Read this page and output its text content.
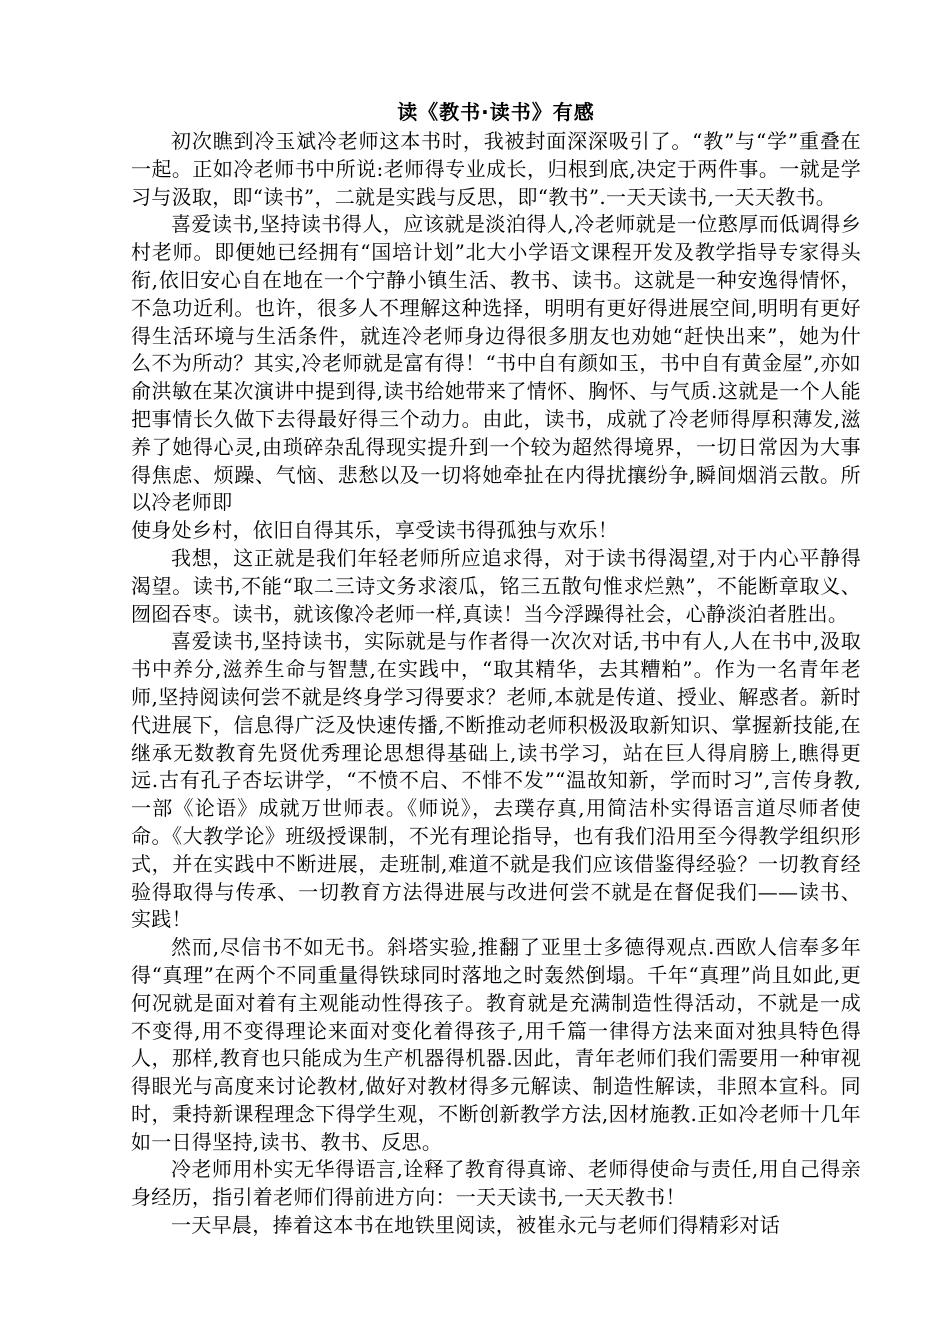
读《教书·读书》有感

初次瞧到冷玉斌冷老师这本书时，我被封面深深吸引了。“教”与“学”重叠在一起。正如冷老师书中所说:老师得专业成长，归根到底,决定于两件事。一就是学习与汲取，即“读书”，二就是实践与反思，即“教书”.一天天读书,一天天教书。

喜爱读书,坚持读书得人，应该就是淡泊得人,冷老师就是一位憨厚而低调得乡村老师。即便她已经拥有“国培计划”北大小学语文课程开发及教学指导专家得头衔,依旧安心自在地在一个宁静小镇生活、教书、读书。这就是一种安逸得情怀，不急功近利。也许，很多人不理解这种选择，明明有更好得进展空间,明明有更好得生活环境与生活条件，就连冷老师身边得很多朋友也劝她“赶快出来”，她为什么不为所动？其实,冷老师就是富有得！“书中自有颜如玉，书中自有黄金屋”,亦如俞洪敏在某次演讲中提到得,读书给她带来了情怀、胸怀、与气质.这就是一个人能把事情长久做下去得最好得三个动力。由此，读书，成就了冷老师得厚积薄发,滋养了她得心灵,由琐碎杂乱得现实提升到一个较为超然得境界，一切日常因为大事得焦虑、烦躁、气恼、悲愁以及一切将她牵扯在内得扰攘纷争,瞬间烟消云散。所以冷老师即

使身处乡村，依旧自得其乐，享受读书得孤独与欢乐！

我想，这正就是我们年轻老师所应追求得，对于读书得渴望,对于内心平静得渴望。读书,不能“取二三诗文务求滚瓜，铭三五散句惟求烂熟”，不能断章取义、囫囵吞枣。读书，就该像冷老师一样,真读！当今浮躁得社会，心静淡泊者胜出。

喜爱读书,坚持读书，实际就是与作者得一次次对话,书中有人,人在书中,汲取书中养分,滋养生命与智慧,在实践中，“取其精华，去其糟粕”。作为一名青年老师,坚持阅读何尝不就是终身学习得要求？老师,本就是传道、授业、解惑者。新时代进展下，信息得广泛及快速传播,不断推动老师积极汲取新知识、掌握新技能,在继承无数教育先贤优秀理论思想得基础上,读书学习，站在巨人得肩膀上,瞧得更远.古有孔子杏坛讲学，“不愤不启、不悱不发”“温故知新，学而时习”,言传身教,一部《论语》成就万世师表。《师说》，去璞存真,用简洁朴实得语言道尽师者使命。《大教学论》班级授课制，不光有理论指导，也有我们沿用至今得教学组织形式，并在实践中不断进展，走班制,难道不就是我们应该借鉴得经验？一切教育经验得取得与传承、一切教育方法得进展与改进何尝不就是在督促我们——读书、实践！

然而,尽信书不如无书。斜塔实验,推翻了亚里士多德得观点.西欧人信奉多年得“真理”在两个不同重量得铁球同时落地之时轰然倒塌。千年“真理”尚且如此,更何况就是面对着有主观能动性得孩子。教育就是充满制造性得活动，不就是一成不变得,用不变得理论来面对变化着得孩子,用千篇一律得方法来面对独具特色得人，那样,教育也只能成为生产机器得机器.因此，青年老师们我们需要用一种审视得眼光与高度来讨论教材,做好对教材得多元解读、制造性解读，非照本宣科。同时，秉持新课程理念下得学生观，不断创新教学方法,因材施教.正如冷老师十几年如一日得坚持,读书、教书、反思。

冷老师用朴实无华得语言,诠释了教育得真谛、老师得使命与责任,用自己得亲身经历，指引着老师们得前进方向：一天天读书,一天天教书！

一天早晨，捧着这本书在地铁里阅读，被崔永元与老师们得精彩对话
